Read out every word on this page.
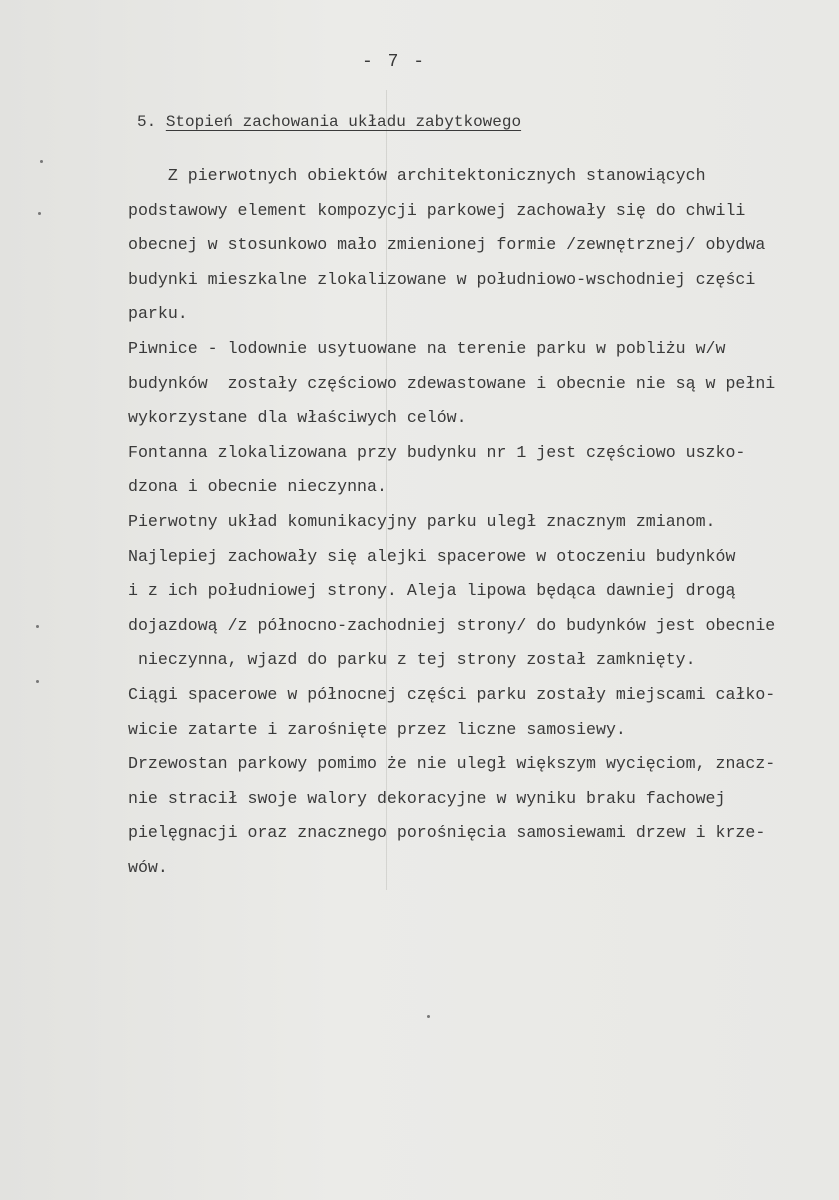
- 7 -
5. Stopień zachowania układu zabytkowego
Z pierwotnych obiektów architektonicznych stanowiących
podstawowy element kompozycji parkowej zachowały się do chwili
obecnej w stosunkowo mało zmienionej formie /zewnętrznej/ obydwa
budynki mieszkalne zlokalizowane w południowo-wschodniej części
parku.
Piwnice - lodownie usytuowane na terenie parku w pobliżu w/w
budynków  zostały częściowo zdewastowane i obecnie nie są w pełni
wykorzystane dla właściwych celów.
Fontanna zlokalizowana przy budynku nr 1 jest częściowo uszko-
dzona i obecnie nieczynna.
Pierwotny układ komunikacyjny parku uległ znacznym zmianom.
Najlepiej zachowały się alejki spacerowe w otoczeniu budynków
i z ich południowej strony. Aleja lipowa będąca dawniej drogą
dojazdową /z północno-zachodniej strony/ do budynków jest obecnie
nieczynna, wjazd do parku z tej strony został zamknięty.
Ciągi spacerowe w północnej części parku zostały miejscami całko-
wicie zatarte i zarośnięte przez liczne samosiewy.
Drzewostan parkowy pomimo że nie uległ większym wycięciom, znacz-
nie stracił swoje walory dekoracyjne w wyniku braku fachowej
pielęgnacji oraz znacznego porośnięcia samosiewami drzew i krze-
wów.
